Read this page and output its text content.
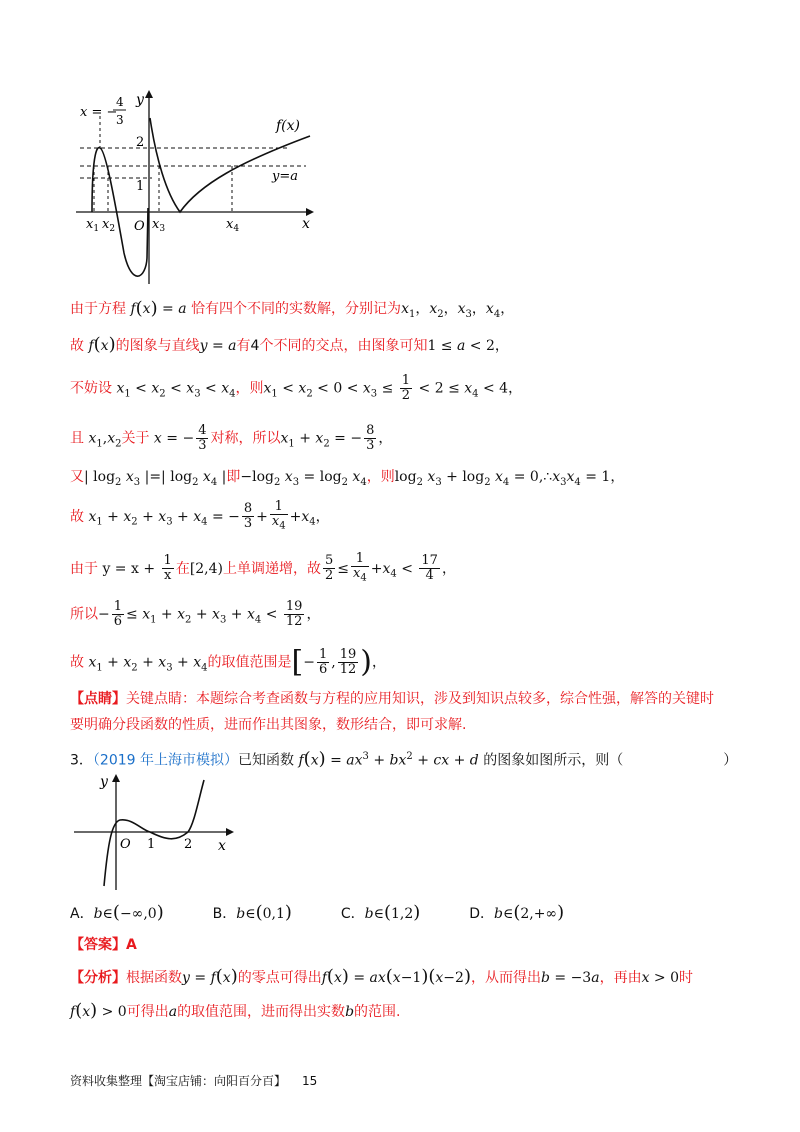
x = −
4
3
y
x
2
1
O
$x_1$ $x_2$	$x_3$	$x_4$
f(x)
y=a
由于方程 f(x) = a 恰有四个不同的实数解，分别记为$x_1$，$x_2$，$x_3$，$x_4$，
故 f(x)的图象与直线y = a有4个不同的交点，由图象可知1 ≤ a < 2，
不妨设 $x_1 < x_2 < x_3 < x_4$，则$x_1 < x_2 < 0 < x_3 \le \frac{1}{2} < 2 \le x_4 < 4$，
且 $x_1,x_2$关于 x = − $\frac{4}{3}$ 对称，所以$x_1 + x_2$ = − $\frac{8}{3}$ ，
又| $\log_2 x_3$ |=| $\log_2 x_4$ |即$-\log_2$ $x_3 = \log_2 x_4$，则$\log_2 x_3 + \log_2 x_4$ = $0,\therefore x_3x_4 = 1$，
故 $x_1 + x_2 + x_3 + x_4$ = − $\frac{8}{3} + \frac{1}{x_4} +x_4$，
由于 $y = x + \frac{1}{x}$ 在[2,4)上单调递增，故 $\frac{5}{2} \le \frac{1}{x_4} +x_4 < \frac{17}{4}$ ，
所以− $\frac{1}{6} \le x_1 + x_2 + x_3 + x_4 < \frac{19}{12}$ ，
故 $x_1 + x_2 + x_3 + x_4$的取值范围是[− $\frac{1}{6}$ , $\frac{19}{12}$ )，
【点睛】关键点睛：本题综合考查函数与方程的应用知识，涉及到知识点较多，综合性强，解答的关键时
要明确分段函数的性质，进而作出其图象，数形结合，即可求解.
3．（2019 年上海市模拟）已知函数 $f(x) = ax^3 + bx^2$ + cx + d 的图象如图所示，则（	）
y
x
O 1 2
A．b∈(−∞,0)	B．b∈(0,1)	C．b∈(1,2)	D．b∈(2,+∞)
【答案】A
【分析】根据函数y = f(x)的零点可得出f(x) = ax(x−1)(x−2)，从而得出b = −3a，再由x > 0时
f(x) > 0可得出a的取值范围，进而得出实数b的范围.
资料收集整理【淘宝店铺：向阳百分百】 15
